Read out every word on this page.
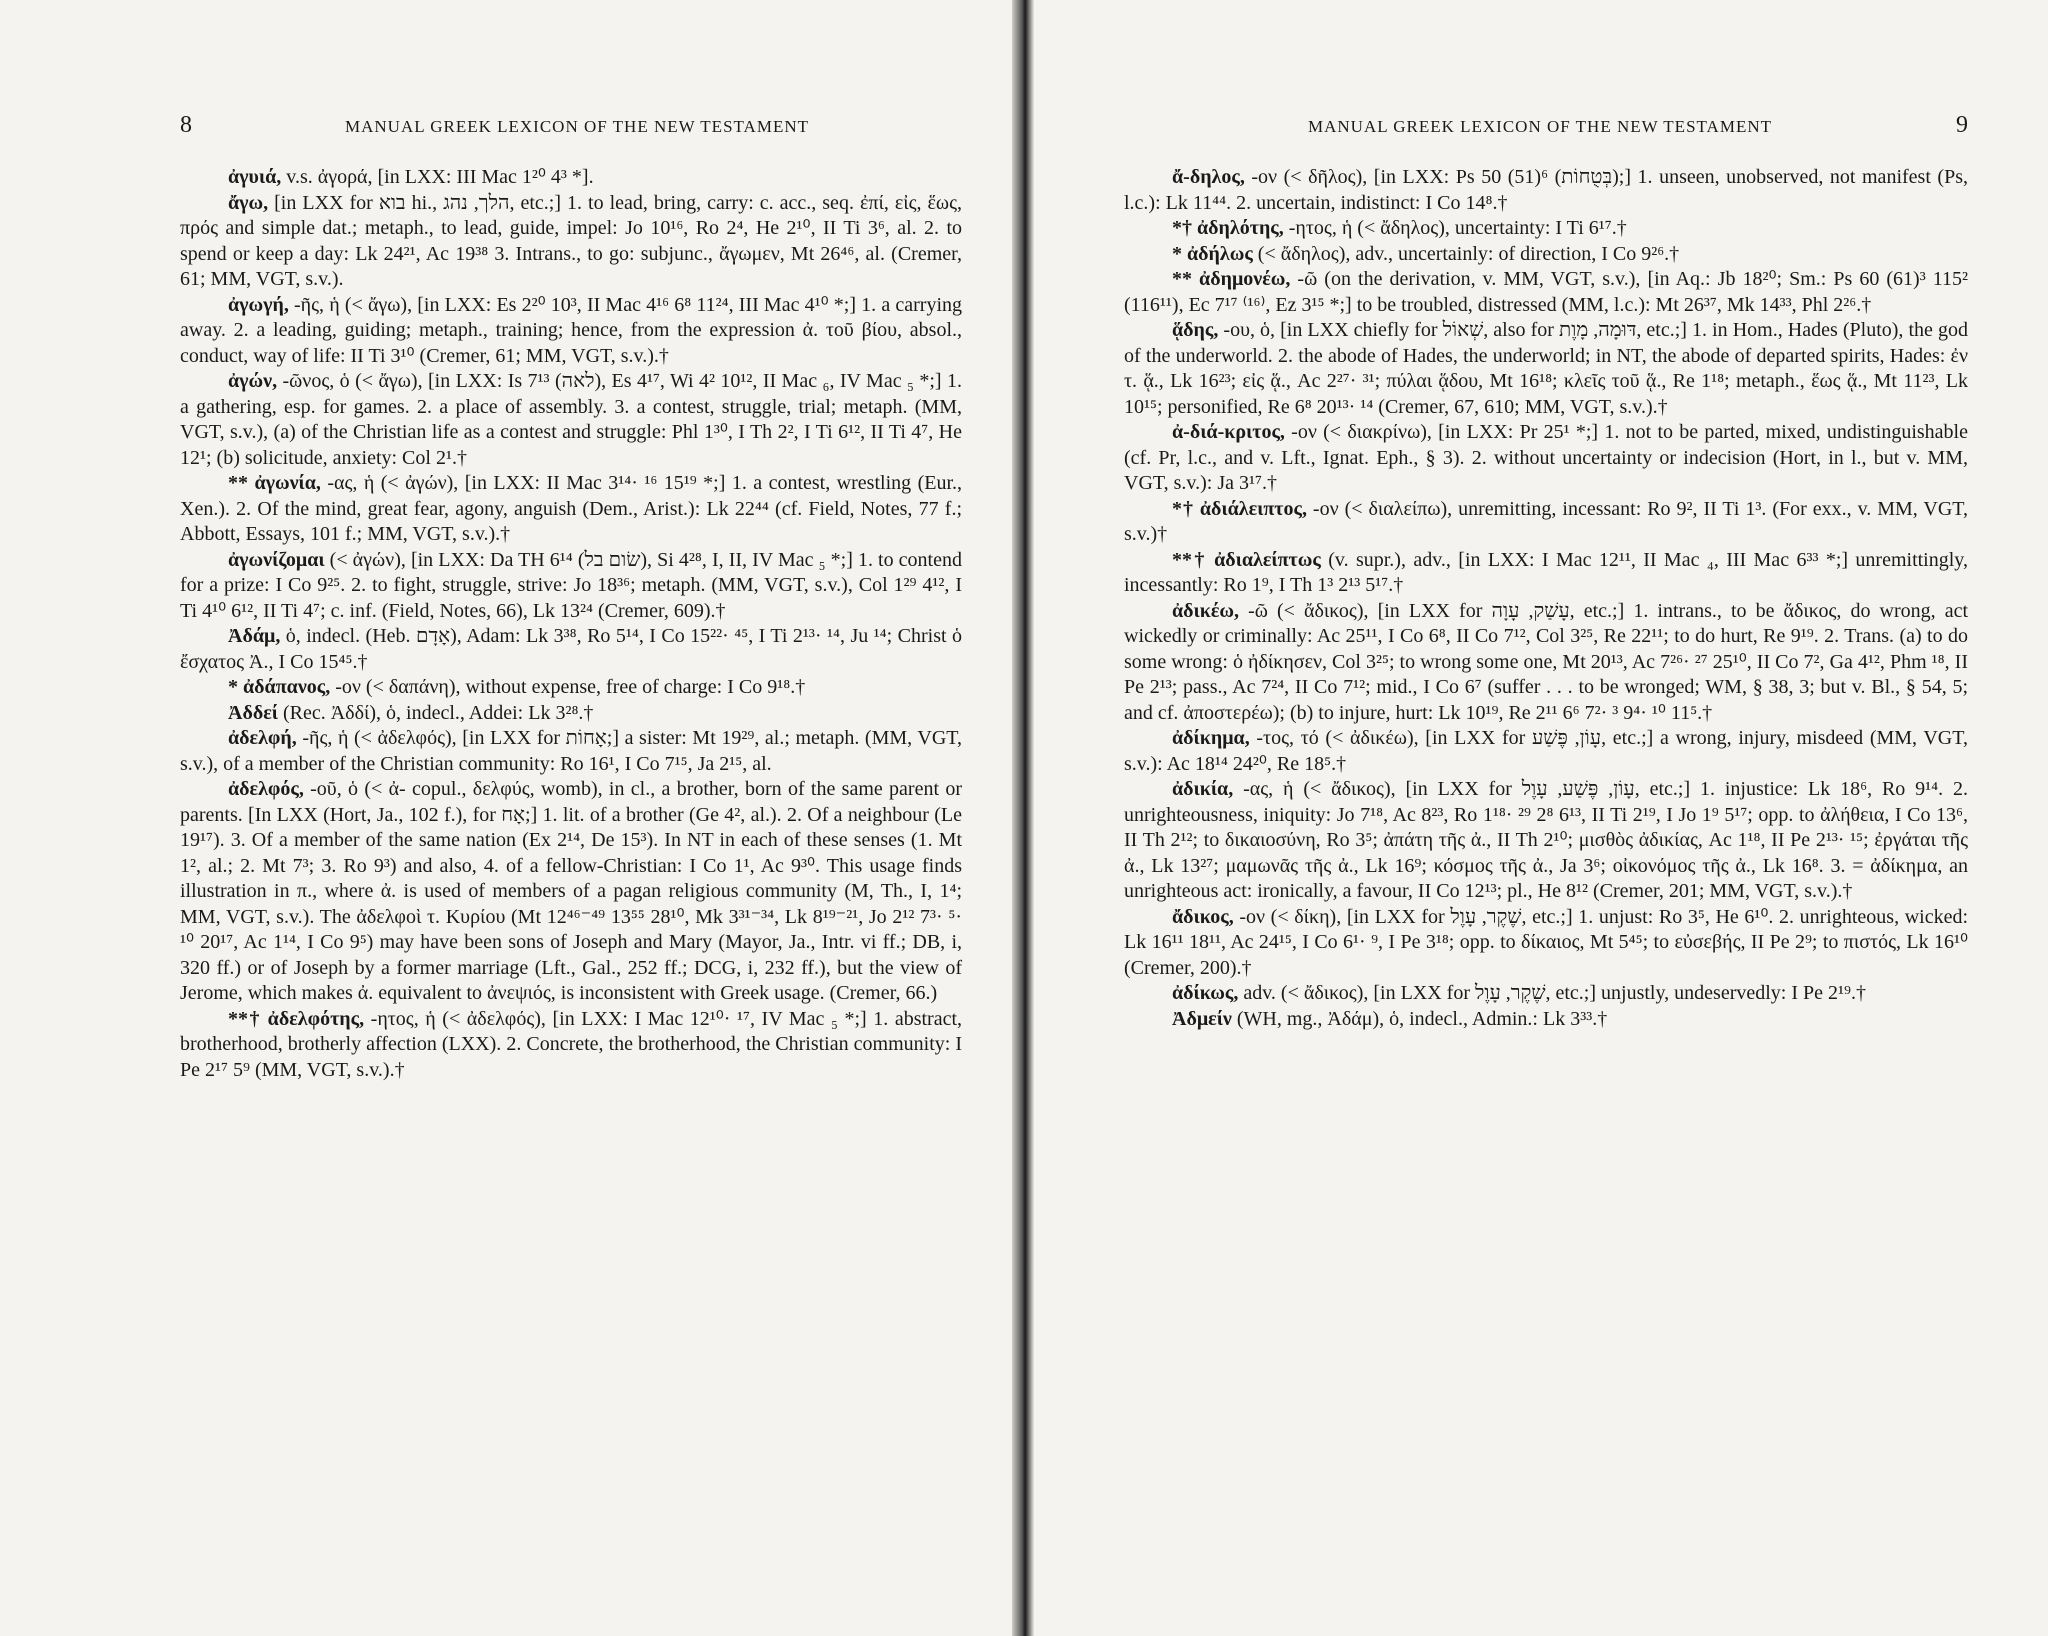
8	MANUAL GREEK LEXICON OF THE NEW TESTAMENT

ἀγυιά, v.s. ἀγορά, [in LXX: III Mac 1²⁰ 4³ *].

ἄγω, [in LXX for בוא hi., הלך, נהג, etc.;] 1. to lead, bring, carry: c. acc., seq. ἐπί, εἰς, ἕως, πρός and simple dat.; metaph., to lead, guide, impel: Jo 10¹⁶, Ro 2⁴, He 2¹⁰, II Ti 3⁶, al. 2. to spend or keep a day: Lk 24²¹, Ac 19³⁸ 3. Intrans., to go: subjunc., ἄγωμεν, Mt 26⁴⁶, al. (Cremer, 61; MM, VGT, s.v.).

ἀγωγή, -ῆς, ἡ (< ἄγω), [in LXX: Es 2²⁰ 10³, II Mac 4¹⁶ 6⁸ 11²⁴, III Mac 4¹⁰ *;] 1. a carrying away. 2. a leading, guiding; metaph., training; hence, from the expression ἀ. τοῦ βίου, absol., conduct, way of life: II Ti 3¹⁰ (Cremer, 61; MM, VGT, s.v.).†

ἀγών, -ῶνος, ὁ (< ἄγω), [in LXX: Is 7¹³ (לאה), Es 4¹⁷, Wi 4² 10¹², II Mac ₆, IV Mac ₅ *;] 1. a gathering, esp. for games. 2. a place of assembly. 3. a contest, struggle, trial; metaph. (MM, VGT, s.v.), (a) of the Christian life as a contest and struggle: Phl 1³⁰, I Th 2², I Ti 6¹², II Ti 4⁷, He 12¹; (b) solicitude, anxiety: Col 2¹.†

** ἀγωνία, -ας, ἡ (< ἀγών), [in LXX: II Mac 3¹⁴· ¹⁶ 15¹⁹ *;] 1. a contest, wrestling (Eur., Xen.). 2. Of the mind, great fear, agony, anguish (Dem., Arist.): Lk 22⁴⁴ (cf. Field, Notes, 77 f.; Abbott, Essays, 101 f.; MM, VGT, s.v.).†

ἀγωνίζομαι (< ἀγών), [in LXX: Da TH 6¹⁴ (שׂום בל), Si 4²⁸, I, II, IV Mac ₅ *;] 1. to contend for a prize: I Co 9²⁵. 2. to fight, struggle, strive: Jo 18³⁶; metaph. (MM, VGT, s.v.), Col 1²⁹ 4¹², I Ti 4¹⁰ 6¹², II Ti 4⁷; c. inf. (Field, Notes, 66), Lk 13²⁴ (Cremer, 609).†

Ἀδάμ, ὁ, indecl. (Heb. אָדָם), Adam: Lk 3³⁸, Ro 5¹⁴, I Co 15²²· ⁴⁵, I Ti 2¹³· ¹⁴, Ju ¹⁴; Christ ὁ ἔσχατος Ἀ., I Co 15⁴⁵.†

* ἀδάπανος, -ον (< δαπάνη), without expense, free of charge: I Co 9¹⁸.†

Ἀδδεί (Rec. Ἀδδί), ὁ, indecl., Addei: Lk 3²⁸.†

ἀδελφή, -ῆς, ἡ (< ἀδελφός), [in LXX for אָחוֹת;] a sister: Mt 19²⁹, al.; metaph. (MM, VGT, s.v.), of a member of the Christian community: Ro 16¹, I Co 7¹⁵, Ja 2¹⁵, al.

ἀδελφός, -οῦ, ὁ (< ἀ- copul., δελφύς, womb), in cl., a brother, born of the same parent or parents. [In LXX (Hort, Ja., 102 f.), for אָח;] 1. lit. of a brother (Ge 4², al.). 2. Of a neighbour (Le 19¹⁷). 3. Of a member of the same nation (Ex 2¹⁴, De 15³). In NT in each of these senses (1. Mt 1², al.; 2. Mt 7³; 3. Ro 9³) and also, 4. of a fellow-Christian: I Co 1¹, Ac 9³⁰. This usage finds illustration in π., where ἀ. is used of members of a pagan religious community (M, Th., I, 1⁴; MM, VGT, s.v.). The ἀδελφοὶ τ. Κυρίου (Mt 12⁴⁶⁻⁴⁹ 13⁵⁵ 28¹⁰, Mk 3³¹⁻³⁴, Lk 8¹⁹⁻²¹, Jo 2¹² 7³· ⁵· ¹⁰ 20¹⁷, Ac 1¹⁴, I Co 9⁵) may have been sons of Joseph and Mary (Mayor, Ja., Intr. vi ff.; DB, i, 320 ff.) or of Joseph by a former marriage (Lft., Gal., 252 ff.; DCG, i, 232 ff.), but the view of Jerome, which makes ἀ. equivalent to ἀνεψιός, is inconsistent with Greek usage. (Cremer, 66.)

**† ἀδελφότης, -ητος, ἡ (< ἀδελφός), [in LXX: I Mac 12¹⁰· ¹⁷, IV Mac ₅ *;] 1. abstract, brotherhood, brotherly affection (LXX). 2. Concrete, the brotherhood, the Christian community: I Pe 2¹⁷ 5⁹ (MM, VGT, s.v.).†

MANUAL GREEK LEXICON OF THE NEW TESTAMENT	9

ἄ-δηλος, -ον (< δῆλος), [in LXX: Ps 50 (51)⁶ (בְּטֻחוֹת);] 1. unseen, unobserved, not manifest (Ps, l.c.): Lk 11⁴⁴. 2. uncertain, indistinct: I Co 14⁸.†

*† ἀδηλότης, -ητος, ἡ (< ἄδηλος), uncertainty: I Ti 6¹⁷.†

* ἀδήλως (< ἄδηλος), adv., uncertainly: of direction, I Co 9²⁶.†

** ἀδημονέω, -ῶ (on the derivation, v. MM, VGT, s.v.), [in Aq.: Jb 18²⁰; Sm.: Ps 60 (61)³ 115² (116¹¹), Ec 7¹⁷ ⁽¹⁶⁾, Ez 3¹⁵ *;] to be troubled, distressed (MM, l.c.): Mt 26³⁷, Mk 14³³, Phl 2²⁶.†

ᾅδης, -ου, ὁ, [in LXX chiefly for שְׁאוֹל, also for דּוּמָה, מָוֶת, etc.;] 1. in Hom., Hades (Pluto), the god of the underworld. 2. the abode of Hades, the underworld; in NT, the abode of departed spirits, Hades: ἐν τ. ᾅ., Lk 16²³; εἰς ᾅ., Ac 2²⁷· ³¹; πύλαι ᾅδου, Mt 16¹⁸; κλεῖς τοῦ ᾅ., Re 1¹⁸; metaph., ἕως ᾅ., Mt 11²³, Lk 10¹⁵; personified, Re 6⁸ 20¹³· ¹⁴ (Cremer, 67, 610; MM, VGT, s.v.).†

ἀ-διά-κριτος, -ον (< διακρίνω), [in LXX: Pr 25¹ *;] 1. not to be parted, mixed, undistinguishable (cf. Pr, l.c., and v. Lft., Ignat. Eph., § 3). 2. without uncertainty or indecision (Hort, in l., but v. MM, VGT, s.v.): Ja 3¹⁷.†

*† ἀδιάλειπτος, -ον (< διαλείπω), unremitting, incessant: Ro 9², II Ti 1³. (For exx., v. MM, VGT, s.v.)†

**† ἀδιαλείπτως (v. supr.), adv., [in LXX: I Mac 12¹¹, II Mac ₄, III Mac 6³³ *;] unremittingly, incessantly: Ro 1⁹, I Th 1³ 2¹³ 5¹⁷.†

ἀδικέω, -ῶ (< ἄδικος), [in LXX for עָשַׁק, עָוָה, etc.;] 1. intrans., to be ἄδικος, do wrong, act wickedly or criminally: Ac 25¹¹, I Co 6⁸, II Co 7¹², Col 3²⁵, Re 22¹¹; to do hurt, Re 9¹⁹. 2. Trans. (a) to do some wrong: ὁ ἠδίκησεν, Col 3²⁵; to wrong some one, Mt 20¹³, Ac 7²⁶· ²⁷ 25¹⁰, II Co 7², Ga 4¹², Phm ¹⁸, II Pe 2¹³; pass., Ac 7²⁴, II Co 7¹²; mid., I Co 6⁷ (suffer . . . to be wronged; WM, § 38, 3; but v. Bl., § 54, 5; and cf. ἀποστερέω); (b) to injure, hurt: Lk 10¹⁹, Re 2¹¹ 6⁶ 7²· ³ 9⁴· ¹⁰ 11⁵.†

ἀδίκημα, -τος, τό (< ἀδικέω), [in LXX for עָוֹן, פֶּשַׁע, etc.;] a wrong, injury, misdeed (MM, VGT, s.v.): Ac 18¹⁴ 24²⁰, Re 18⁵.†

ἀδικία, -ας, ἡ (< ἄδικος), [in LXX for עָוֹן, פֶּשַׁע, עָוֶל, etc.;] 1. injustice: Lk 18⁶, Ro 9¹⁴. 2. unrighteousness, iniquity: Jo 7¹⁸, Ac 8²³, Ro 1¹⁸· ²⁹ 2⁸ 6¹³, II Ti 2¹⁹, I Jo 1⁹ 5¹⁷; opp. to ἀλήθεια, I Co 13⁶, II Th 2¹²; to δικαιοσύνη, Ro 3⁵; ἀπάτη τῆς ἀ., II Th 2¹⁰; μισθὸς ἀδικίας, Ac 1¹⁸, II Pe 2¹³· ¹⁵; ἐργάται τῆς ἀ., Lk 13²⁷; μαμωνᾶς τῆς ἀ., Lk 16⁹; κόσμος τῆς ἀ., Ja 3⁶; οἰκονόμος τῆς ἀ., Lk 16⁸. 3. = ἀδίκημα, an unrighteous act: ironically, a favour, II Co 12¹³; pl., He 8¹² (Cremer, 201; MM, VGT, s.v.).†

ἄδικος, -ον (< δίκη), [in LXX for שֶׁקֶר, עָוֶל, etc.;] 1. unjust: Ro 3⁵, He 6¹⁰. 2. unrighteous, wicked: Lk 16¹¹ 18¹¹, Ac 24¹⁵, I Co 6¹· ⁹, I Pe 3¹⁸; opp. to δίκαιος, Mt 5⁴⁵; to εὐσεβής, II Pe 2⁹; to πιστός, Lk 16¹⁰ (Cremer, 200).†

ἀδίκως, adv. (< ἄδικος), [in LXX for שֶׁקֶר, עָוֶל, etc.;] unjustly, undeservedly: I Pe 2¹⁹.†

Ἀδμείν (WH, mg., Ἀδάμ), ὁ, indecl., Admin.: Lk 3³³.†
